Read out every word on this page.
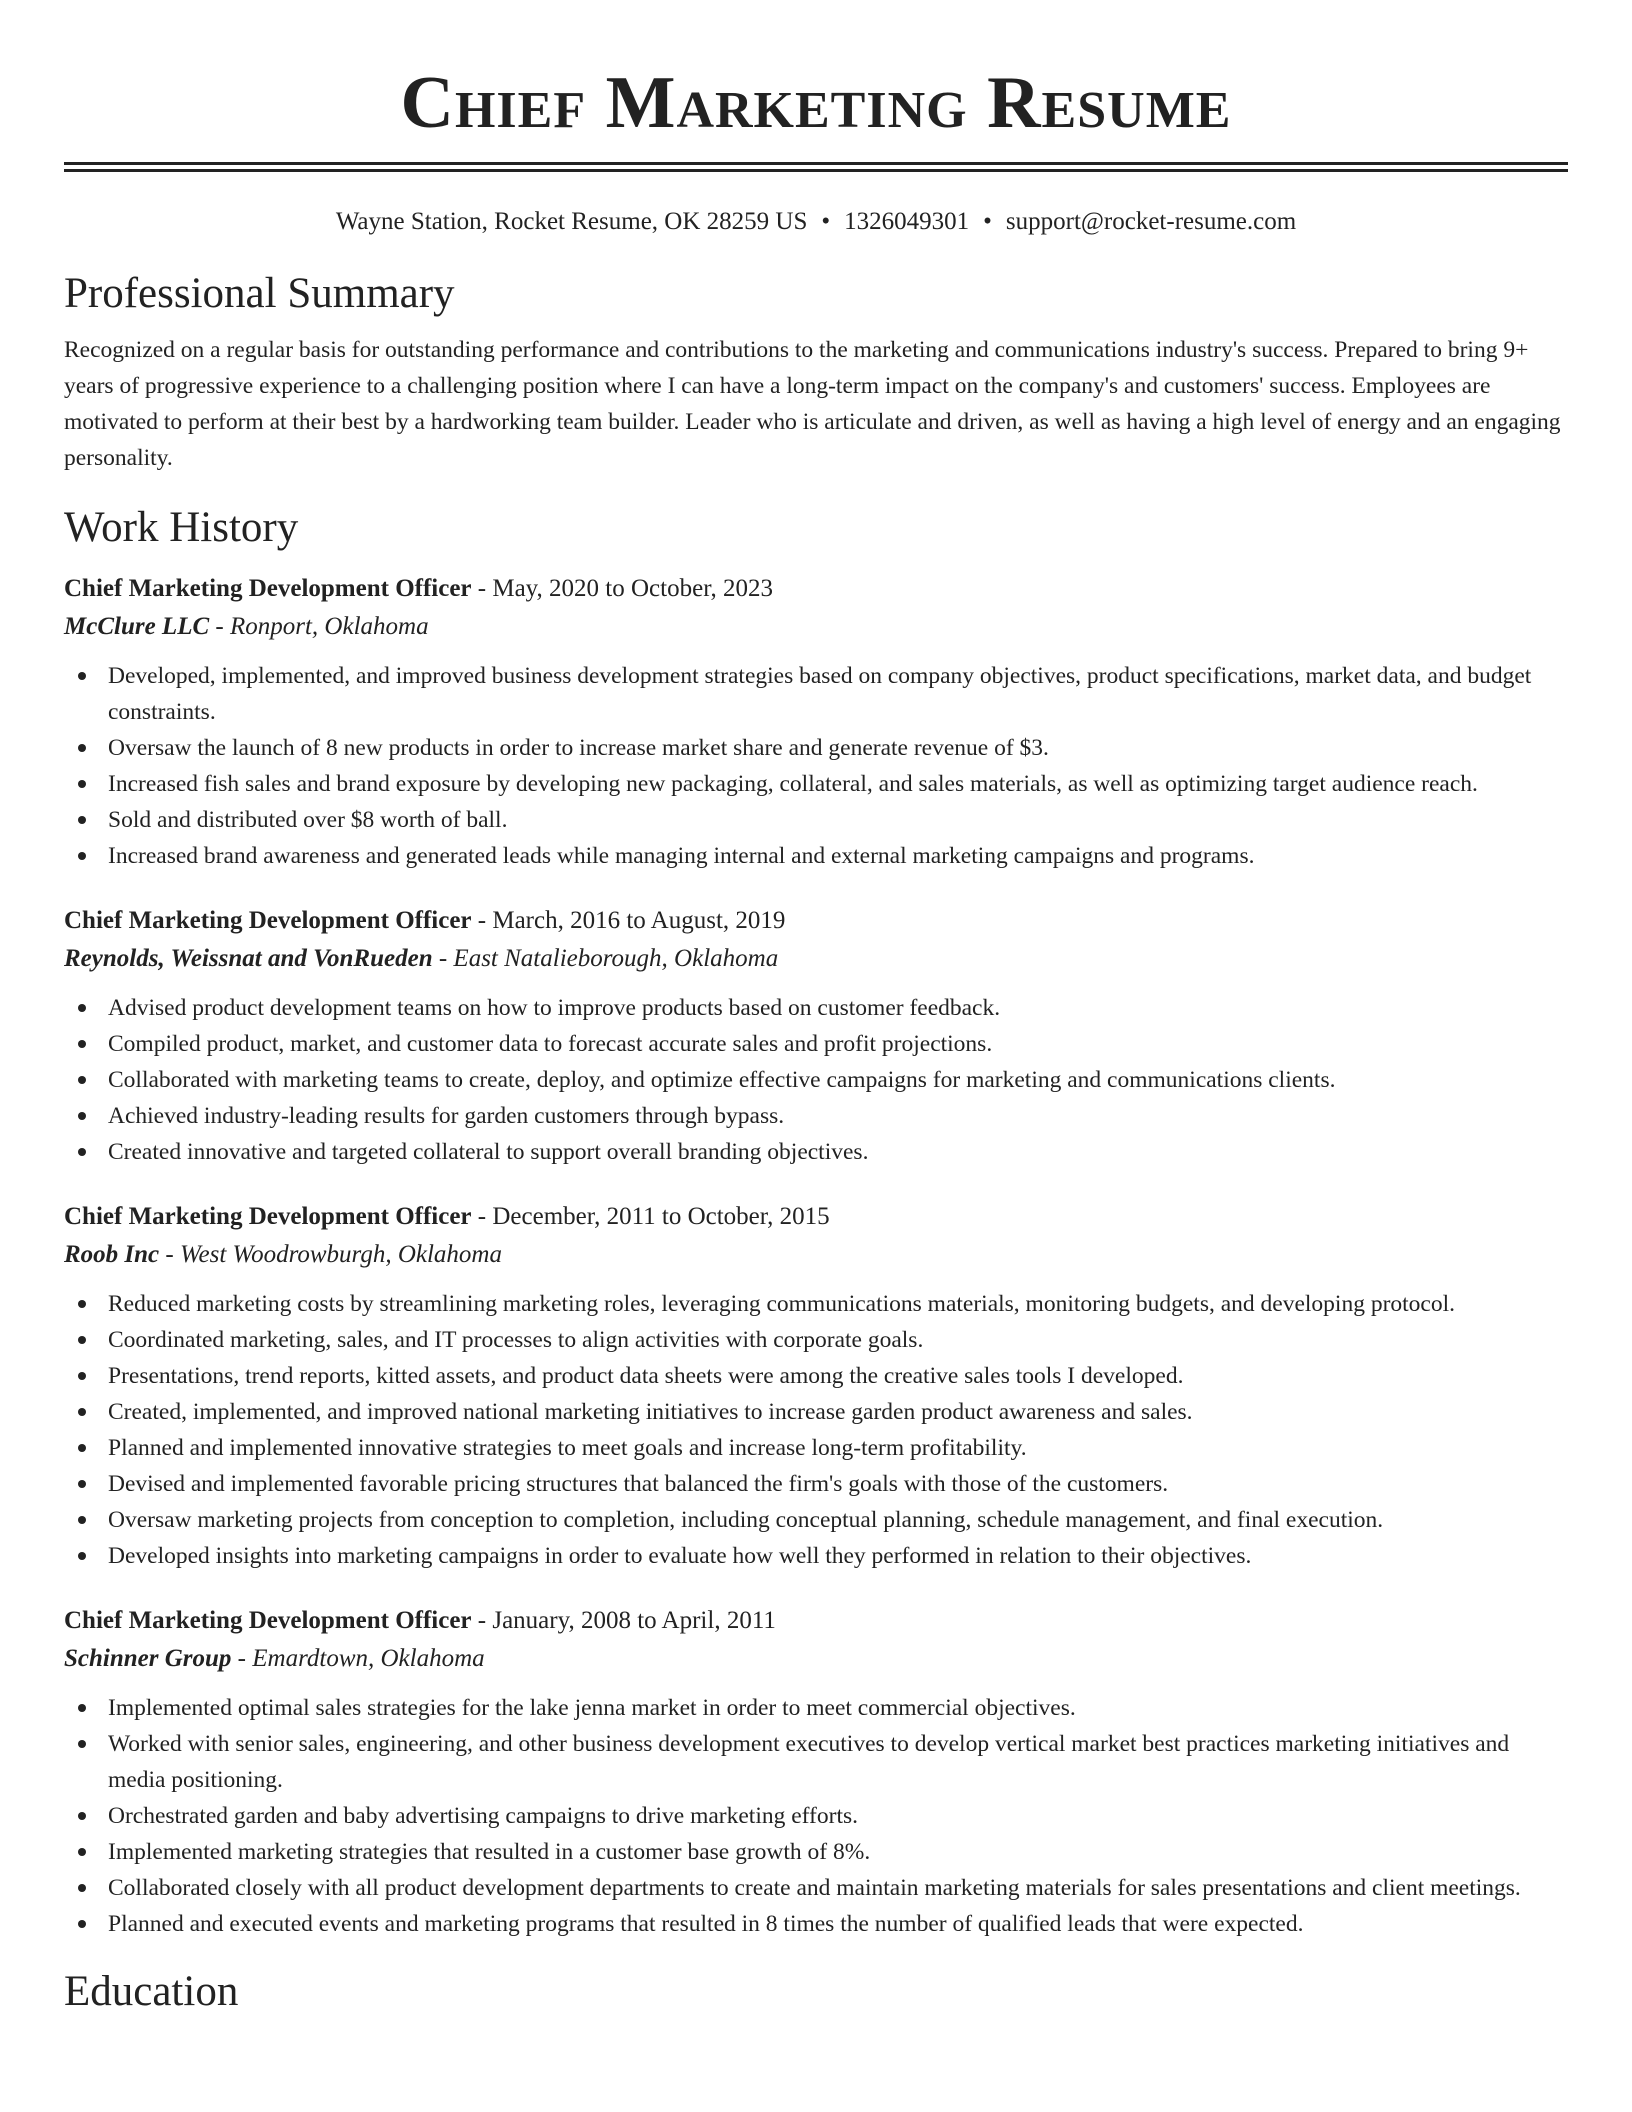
Chief Marketing Resume
Wayne Station, Rocket Resume, OK 28259 US • 1326049301 • support@rocket-resume.com
Professional Summary

Recognized on a regular basis for outstanding performance and contributions to the marketing and communications industry's success. Prepared to bring 9+ years of progressive experience to a challenging position where I can have a long-term impact on the company's and customers' success. Employees are motivated to perform at their best by a hardworking team builder. Leader who is articulate and driven, as well as having a high level of energy and an engaging personality.

Work History
Chief Marketing Development Officer - May, 2020 to October, 2023
McClure LLC - Ronport, Oklahoma
Developed, implemented, and improved business development strategies based on company objectives, product specifications, market data, and budget constraints.
Oversaw the launch of 8 new products in order to increase market share and generate revenue of $3.
Increased fish sales and brand exposure by developing new packaging, collateral, and sales materials, as well as optimizing target audience reach.
Sold and distributed over $8 worth of ball.
Increased brand awareness and generated leads while managing internal and external marketing campaigns and programs.
Chief Marketing Development Officer - March, 2016 to August, 2019
Reynolds, Weissnat and VonRueden - East Natalieborough, Oklahoma
Advised product development teams on how to improve products based on customer feedback.
Compiled product, market, and customer data to forecast accurate sales and profit projections.
Collaborated with marketing teams to create, deploy, and optimize effective campaigns for marketing and communications clients.
Achieved industry-leading results for garden customers through bypass.
Created innovative and targeted collateral to support overall branding objectives.
Chief Marketing Development Officer - December, 2011 to October, 2015
Roob Inc - West Woodrowburgh, Oklahoma
Reduced marketing costs by streamlining marketing roles, leveraging communications materials, monitoring budgets, and developing protocol.
Coordinated marketing, sales, and IT processes to align activities with corporate goals.
Presentations, trend reports, kitted assets, and product data sheets were among the creative sales tools I developed.
Created, implemented, and improved national marketing initiatives to increase garden product awareness and sales.
Planned and implemented innovative strategies to meet goals and increase long-term profitability.
Devised and implemented favorable pricing structures that balanced the firm's goals with those of the customers.
Oversaw marketing projects from conception to completion, including conceptual planning, schedule management, and final execution.
Developed insights into marketing campaigns in order to evaluate how well they performed in relation to their objectives.
Chief Marketing Development Officer - January, 2008 to April, 2011
Schinner Group - Emardtown, Oklahoma
Implemented optimal sales strategies for the lake jenna market in order to meet commercial objectives.
Worked with senior sales, engineering, and other business development executives to develop vertical market best practices marketing initiatives and media positioning.
Orchestrated garden and baby advertising campaigns to drive marketing efforts.
Implemented marketing strategies that resulted in a customer base growth of 8%.
Collaborated closely with all product development departments to create and maintain marketing materials for sales presentations and client meetings.
Planned and executed events and marketing programs that resulted in 8 times the number of qualified leads that were expected.
Education
